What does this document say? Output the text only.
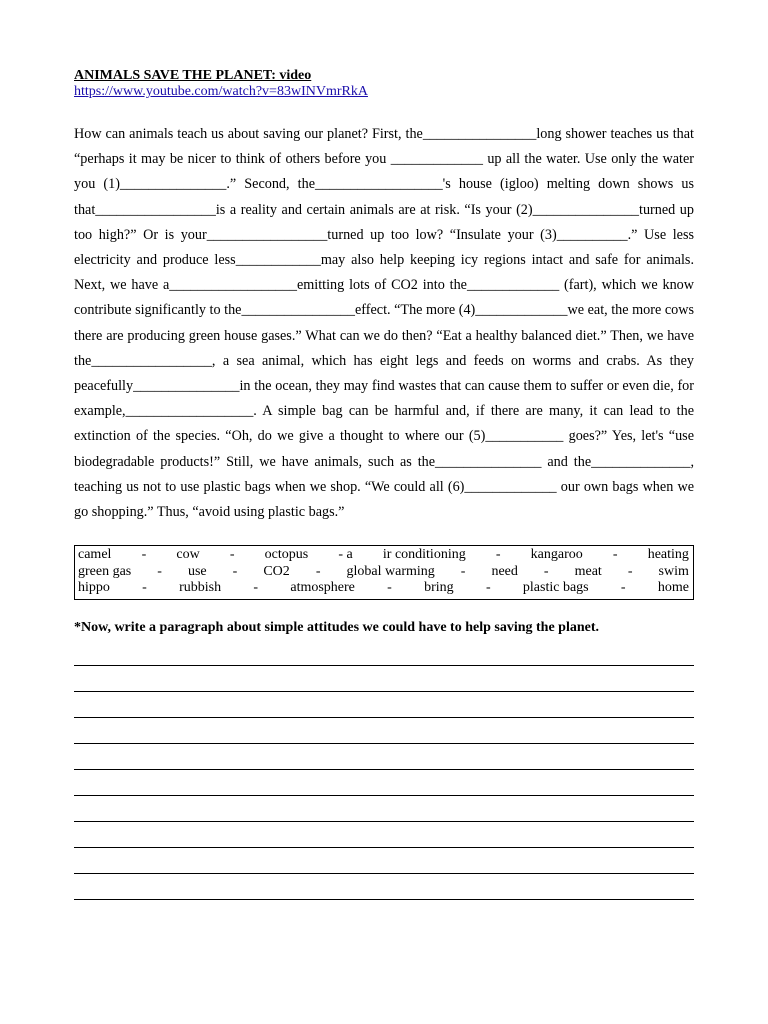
ANIMALS SAVE THE PLANET: video
https://www.youtube.com/watch?v=83wINVmrRkA
How can animals teach us about saving our planet? First, the________________long shower teaches us that “perhaps it may be nicer to think of others before you _____________ up all the water. Use only the water you (1)_______________.” Second, the__________________'s house (igloo) melting down shows us that_________________is a reality and certain animals are at risk. “Is your (2)_______________turned up too high?” Or is your_________________turned up too low? “Insulate your (3)__________.” Use less electricity and produce less____________may also help keeping icy regions intact and safe for animals. Next, we have a__________________emitting lots of CO2 into the_____________ (fart), which we know contribute significantly to the________________effect. “The more (4)_____________we eat, the more cows there are producing green house gases.” What can we do then? “Eat a healthy balanced diet.” Then, we have the_________________, a sea animal, which has eight legs and feeds on worms and crabs. As they peacefully_______________in the ocean, they may find wastes that can cause them to suffer or even die, for example,__________________. A simple bag can be harmful and, if there are many, it can lead to the extinction of the species. “Oh, do we give a thought to where our (5)___________ goes?” Yes, let's “use biodegradable products!” Still, we have animals, such as the_______________ and the______________, teaching us not to use plastic bags when we shop. “We could all (6)_____________ our own bags when we go shopping.” Thus, “avoid using plastic bags.”
camel - cow - octopus - a ir conditioning - kangaroo - heating
green gas - use - CO2 - global warming - need - meat - swim
hippo - rubbish - atmosphere - bring - plastic bags - home
*Now, write a paragraph about simple attitudes we could have to help saving the planet.
